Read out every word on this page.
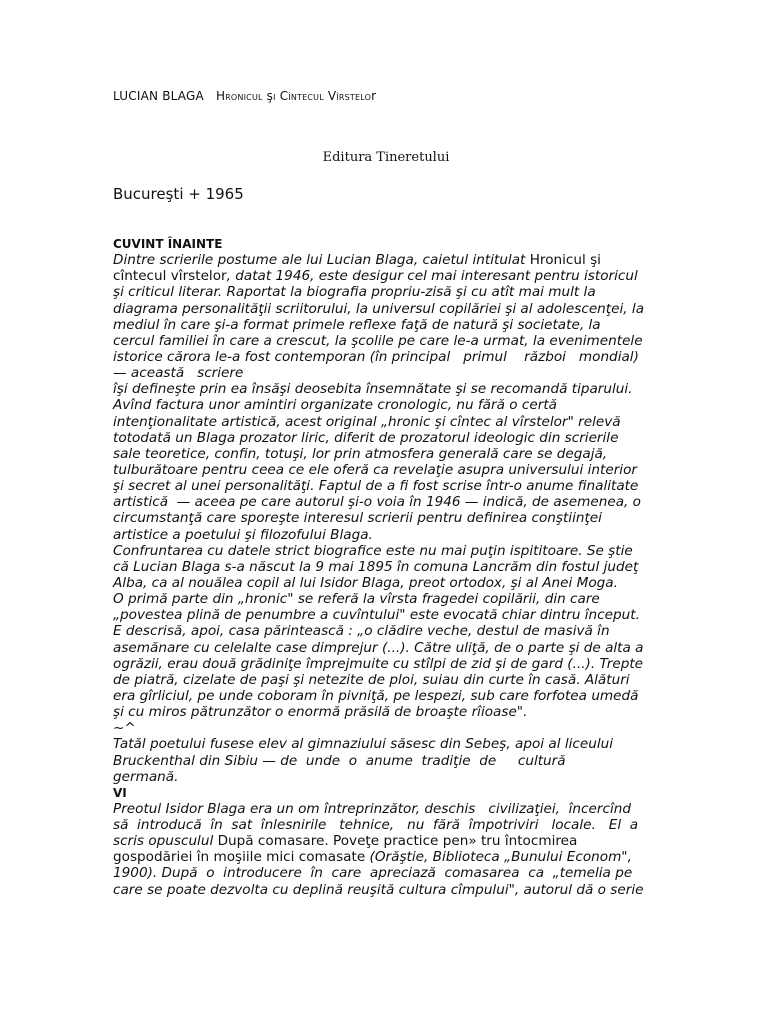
LUCIAN BLAGA HRONICUL şI CÎNTECUL VÎRSTELOr
Editura Tineretului
Bucureşti + 1965
CUVINT ÎNAINTE
Dintre scrierile postume ale lui Lucian Blaga, caietul intitulat Hronicul şi
cîntecul vîrstelor, datat 1946, este desigur cel mai interesant pentru istoricul
şi criticul literar. Raportat la biografia propriu-zisă şi cu atît mai mult la
diagrama personalităţii scriitorului, la universul copilăriei şi al adolescenţei, la
mediul în care şi-a format primele reflexe faţă de natură şi societate, la
cercul familiei în care a crescut, la şcolile pe care le-a urmat, la evenimentele
istorice cărora le-a fost contemporan (în principal   primul    război   mondial)
— această   scriere
îşi defineşte prin ea însăşi deosebita însemnătate şi se recomandă tiparului.
Avînd factura unor amintiri organizate cronologic, nu fără o certă
intenţionalitate artistică, acest original „hronic şi cîntec al vîrstelor" relevă
totodată un Blaga prozator liric, diferit de prozatorul ideologic din scrierile
sale teoretice, confin, totuşi, lor prin atmosfera generală care se degajă,
tulburătoare pentru ceea ce ele oferă ca revelaţie asupra universului interior
şi secret al unei personalităţi. Faptul de a fi fost scrise într-o anume finalitate
artistică  — aceea pe care autorul şi-o voia în 1946 — indică, de asemenea, o
circumstanţă care sporeşte interesul scrierii pentru definirea conştiinţei
artistice a poetului şi filozofului Blaga.
Confruntarea cu datele strict biografice este nu mai puţin ispititoare. Se ştie
că Lucian Blaga s-a născut la 9 mai 1895 în comuna Lancrăm din fostul judeţ
Alba, ca al nouălea copil al lui Isidor Blaga, preot ortodox, şi al Anei Moga.
O primă parte din „hronic" se referă la vîrsta fragedei copilării, din care
„povestea plină de penumbre a cuvîntului" este evocată chiar dintru început.
E descrisă, apoi, casa părintească : „o clădire veche, destul de masivă în
asemănare cu celelalte case dimprejur (...). Către uliţă, de o parte şi de alta a
ogrăzii, erau două grădiniţe împrejmuite cu stîlpi de zid şi de gard (...). Trepte
de piatră, cizelate de paşi şi netezite de ploi, suiau din curte în casă. Alături
era gîrliciul, pe unde coboram în pivniţă, pe lespezi, sub care forfotea umedă
şi cu miros pătrunzător o enormă prăsilă de broaşte rîioase".
~^
Tatăl poetului fusese elev al gimnaziului săsesc din Sebeş, apoi al liceului
Bruckenthal din Sibiu — de  unde  o  anume  tradiţie  de     cultură
germană.
VI
Preotul Isidor Blaga era un om întreprinzător, deschis   civilizaţiei,  încercînd
să  introducă  în  sat  înlesnirile   tehnice,   nu  fără  împotriviri   locale.   El  a
scris opusculul După comasare. Poveţe practice pen» tru întocmirea
gospodăriei în moşiile mici comasate (Orăştie, Biblioteca „Bunului Econom",
1900). După  o  introducere  în  care  apreciază  comasarea  ca  „temelia pe
care se poate dezvolta cu deplină reuşită cultura cîmpului", autorul dă o serie
